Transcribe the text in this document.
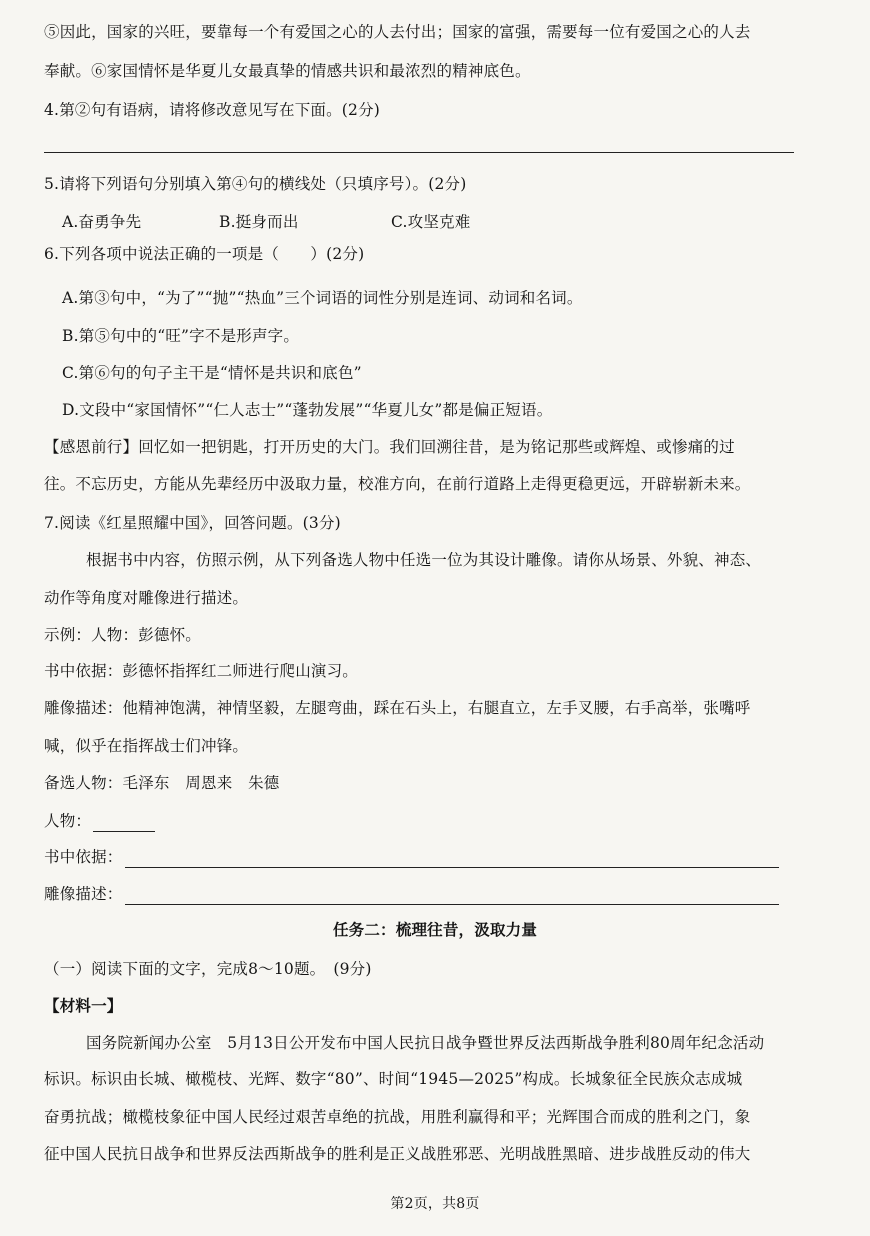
⑤因此，国家的兴旺，要靠每一个有爱国之心的人去付出；国家的富强，需要每一位有爱国之心的人去
奉献。⑥家国情怀是华夏儿女最真挚的情感共识和最浓烈的精神底色。
4.第②句有语病，请将修改意见写在下面。(2分)
5.请将下列语句分别填入第④句的横线处（只填序号）。(2分)
A.奋勇争先	B.挺身而出	C.攻坚克难
6.下列各项中说法正确的一项是（　　）(2分)
A.第③句中，“为了”“抛”“热血”三个词语的词性分别是连词、动词和名词。
B.第⑤句中的“旺”字不是形声字。
C.第⑥句的句子主干是“情怀是共识和底色”
D.文段中“家国情怀”“仁人志士”“蓬勃发展”“华夏儿女”都是偏正短语。
【感恩前行】回忆如一把钥匙，打开历史的大门。我们回溯往昔，是为铭记那些或辉煌、或惨痛的过
往。不忘历史，方能从先辈经历中汲取力量，校准方向，在前行道路上走得更稳更远，开辟崭新未来。
7.阅读《红星照耀中国》，回答问题。(3分)
根据书中内容，仿照示例，从下列备选人物中任选一位为其设计雕像。请你从场景、外貌、神态、
动作等角度对雕像进行描述。
示例：人物：彭德怀。
书中依据：彭德怀指挥红二师进行爬山演习。
雕像描述：他精神饱满，神情坚毅，左腿弯曲，踩在石头上，右腿直立，左手叉腰，右手高举，张嘴呼
喊，似乎在指挥战士们冲锋。
备选人物：毛泽东　周恩来　朱德
人物：
书中依据：
雕像描述：
任务二：梳理往昔，汲取力量
（一）阅读下面的文字，完成8～10题。　(9分)
【材料一】
国务院新闻办公室　5月13日公开发布中国人民抗日战争暨世界反法西斯战争胜利80周年纪念活动
标识。标识由长城、橄榄枝、光辉、数字“80”、时间“1945—2025”构成。长城象征全民族众志成城
奋勇抗战；橄榄枝象征中国人民经过艰苦卓绝的抗战，用胜利赢得和平；光辉围合而成的胜利之门，象
征中国人民抗日战争和世界反法西斯战争的胜利是正义战胜邪恶、光明战胜黑暗、进步战胜反动的伟大
第2页，共8页
